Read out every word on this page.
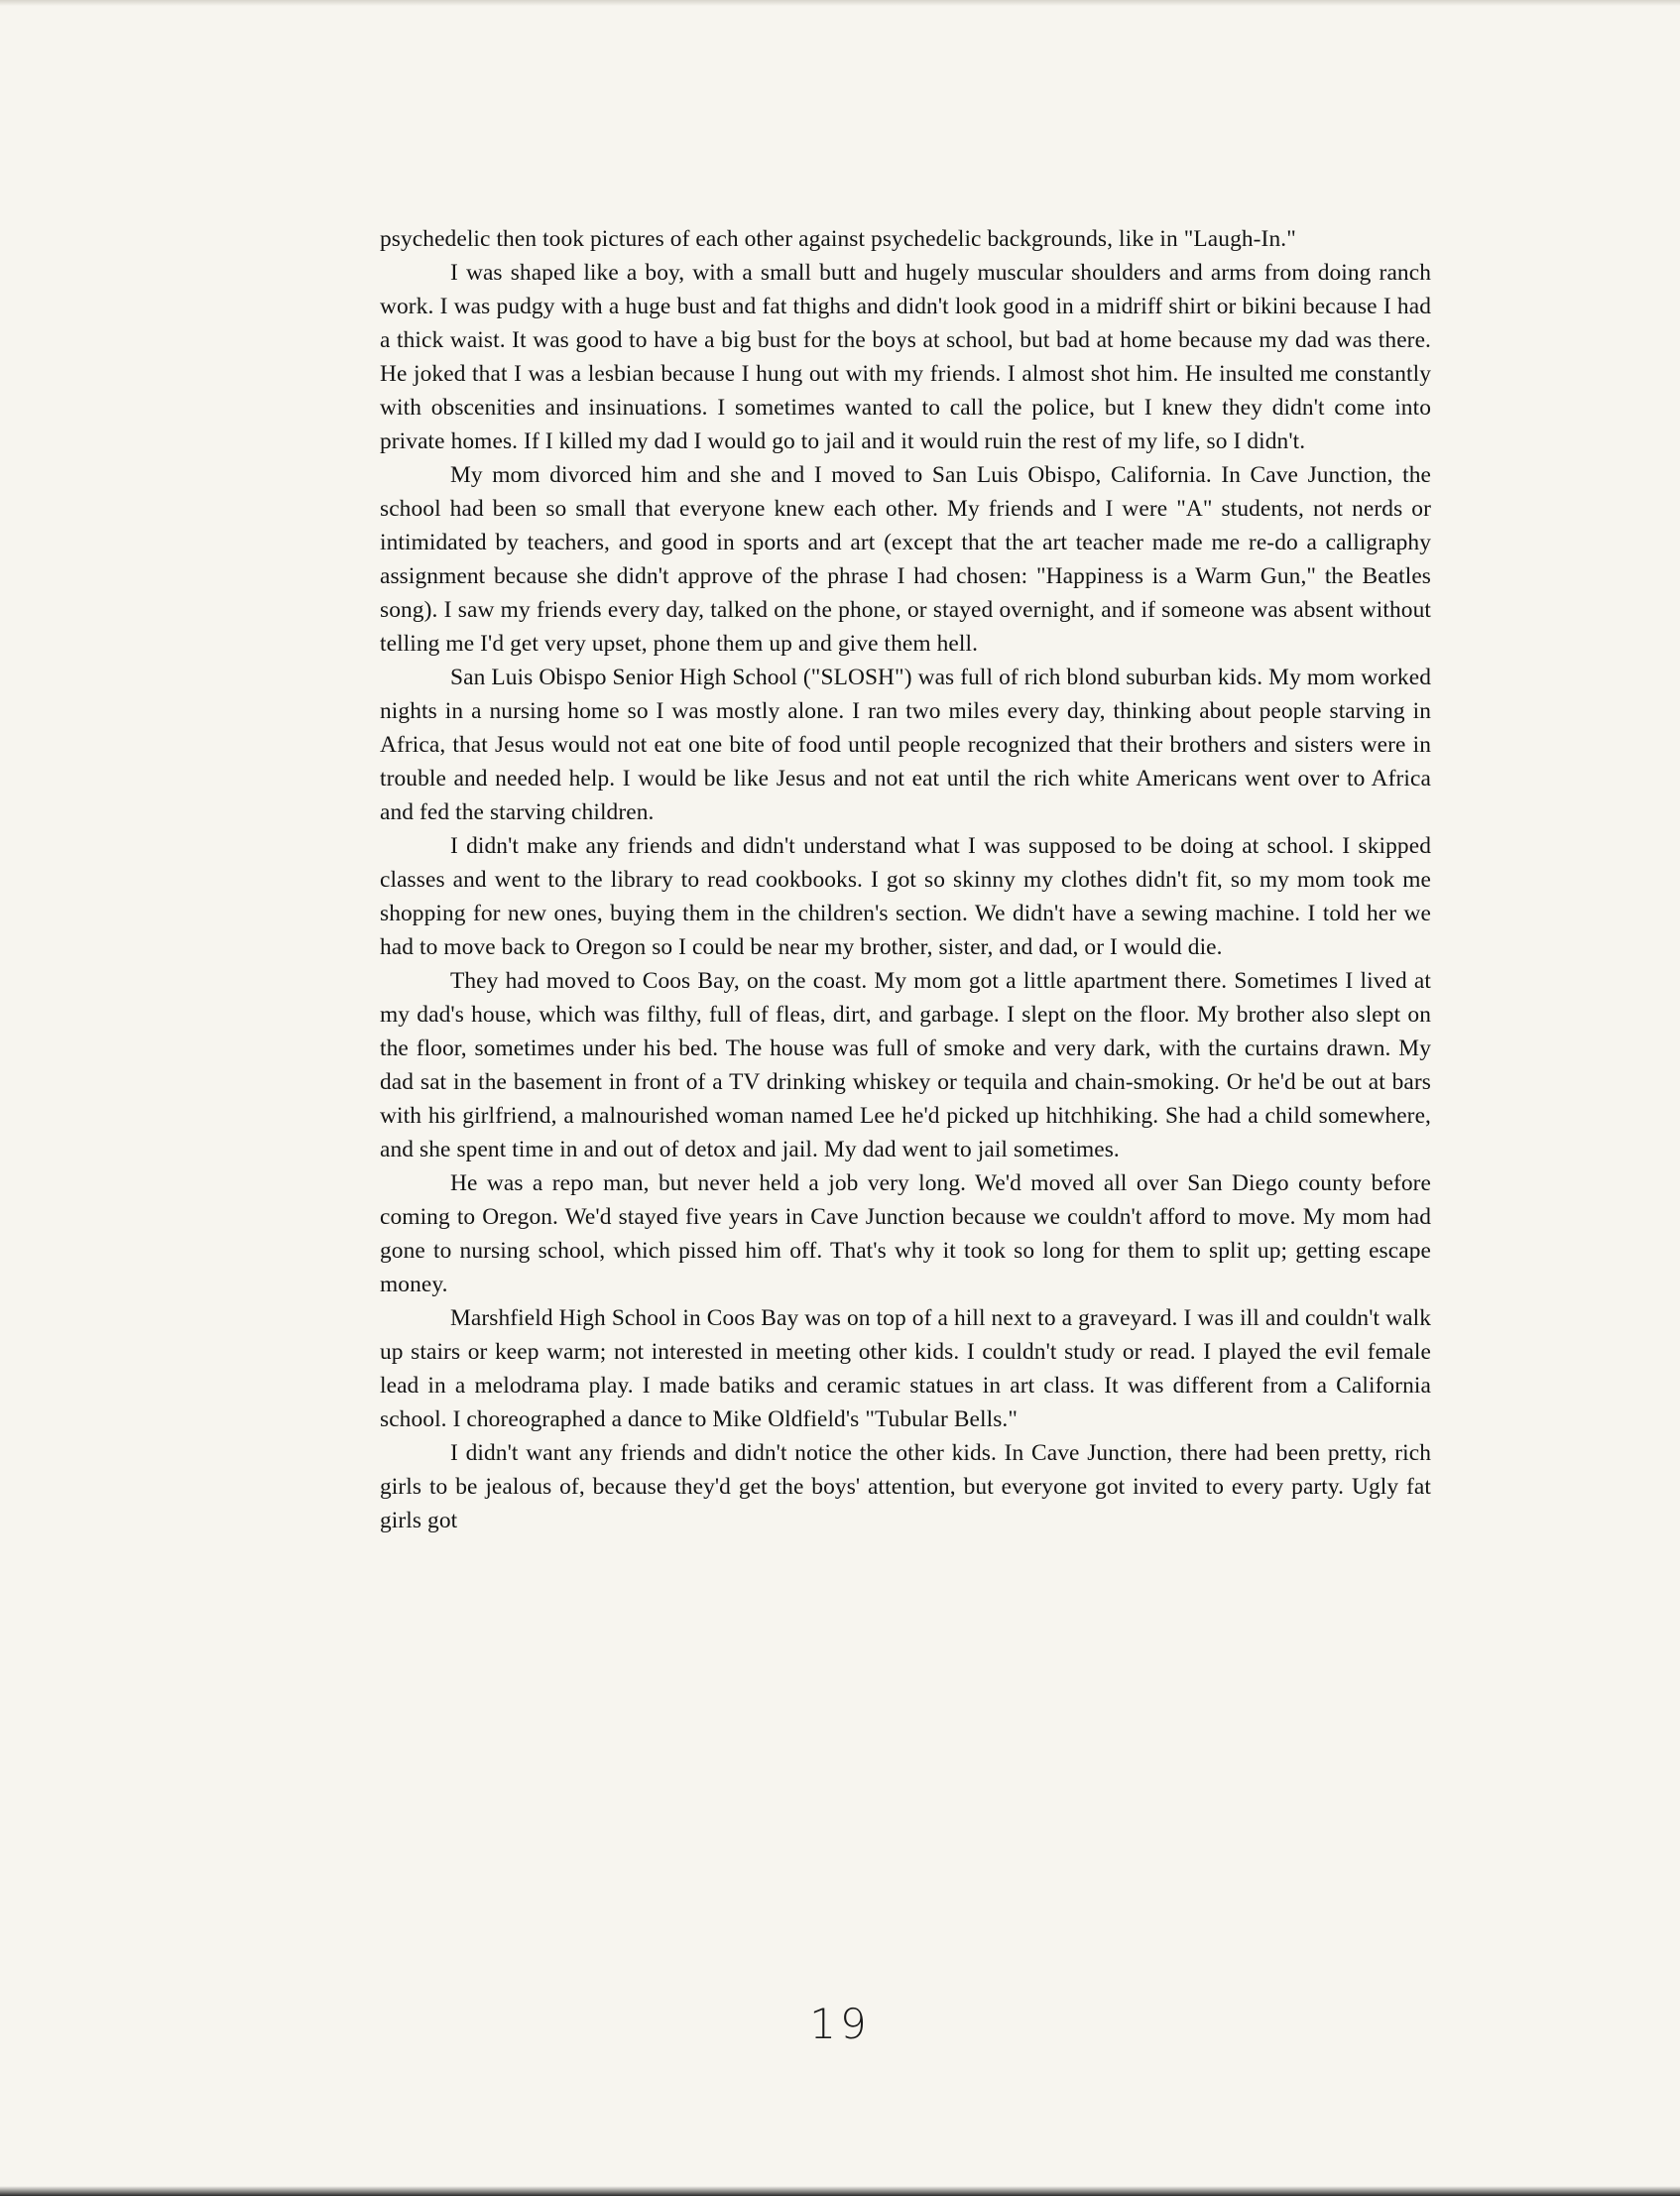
psychedelic then took pictures of each other against psychedelic backgrounds, like in "Laugh-In."

I was shaped like a boy, with a small butt and hugely muscular shoulders and arms from doing ranch work. I was pudgy with a huge bust and fat thighs and didn't look good in a midriff shirt or bikini because I had a thick waist. It was good to have a big bust for the boys at school, but bad at home because my dad was there. He joked that I was a lesbian because I hung out with my friends. I almost shot him. He insulted me constantly with obscenities and insinuations. I sometimes wanted to call the police, but I knew they didn't come into private homes. If I killed my dad I would go to jail and it would ruin the rest of my life, so I didn't.

My mom divorced him and she and I moved to San Luis Obispo, California. In Cave Junction, the school had been so small that everyone knew each other. My friends and I were "A" students, not nerds or intimidated by teachers, and good in sports and art (except that the art teacher made me re-do a calligraphy assignment because she didn't approve of the phrase I had chosen: "Happiness is a Warm Gun," the Beatles song). I saw my friends every day, talked on the phone, or stayed overnight, and if someone was absent without telling me I'd get very upset, phone them up and give them hell.

San Luis Obispo Senior High School ("SLOSH") was full of rich blond suburban kids. My mom worked nights in a nursing home so I was mostly alone. I ran two miles every day, thinking about people starving in Africa, that Jesus would not eat one bite of food until people recognized that their brothers and sisters were in trouble and needed help. I would be like Jesus and not eat until the rich white Americans went over to Africa and fed the starving children.

I didn't make any friends and didn't understand what I was supposed to be doing at school. I skipped classes and went to the library to read cookbooks. I got so skinny my clothes didn't fit, so my mom took me shopping for new ones, buying them in the children's section. We didn't have a sewing machine. I told her we had to move back to Oregon so I could be near my brother, sister, and dad, or I would die.

They had moved to Coos Bay, on the coast. My mom got a little apartment there. Sometimes I lived at my dad's house, which was filthy, full of fleas, dirt, and garbage. I slept on the floor. My brother also slept on the floor, sometimes under his bed. The house was full of smoke and very dark, with the curtains drawn. My dad sat in the basement in front of a TV drinking whiskey or tequila and chain-smoking. Or he'd be out at bars with his girlfriend, a malnourished woman named Lee he'd picked up hitchhiking. She had a child somewhere, and she spent time in and out of detox and jail. My dad went to jail sometimes.

He was a repo man, but never held a job very long. We'd moved all over San Diego county before coming to Oregon. We'd stayed five years in Cave Junction because we couldn't afford to move. My mom had gone to nursing school, which pissed him off. That's why it took so long for them to split up; getting escape money.

Marshfield High School in Coos Bay was on top of a hill next to a graveyard. I was ill and couldn't walk up stairs or keep warm; not interested in meeting other kids. I couldn't study or read. I played the evil female lead in a melodrama play. I made batiks and ceramic statues in art class. It was different from a California school. I choreographed a dance to Mike Oldfield's "Tubular Bells."

I didn't want any friends and didn't notice the other kids. In Cave Junction, there had been pretty, rich girls to be jealous of, because they'd get the boys' attention, but everyone got invited to every party. Ugly fat girls got

19
